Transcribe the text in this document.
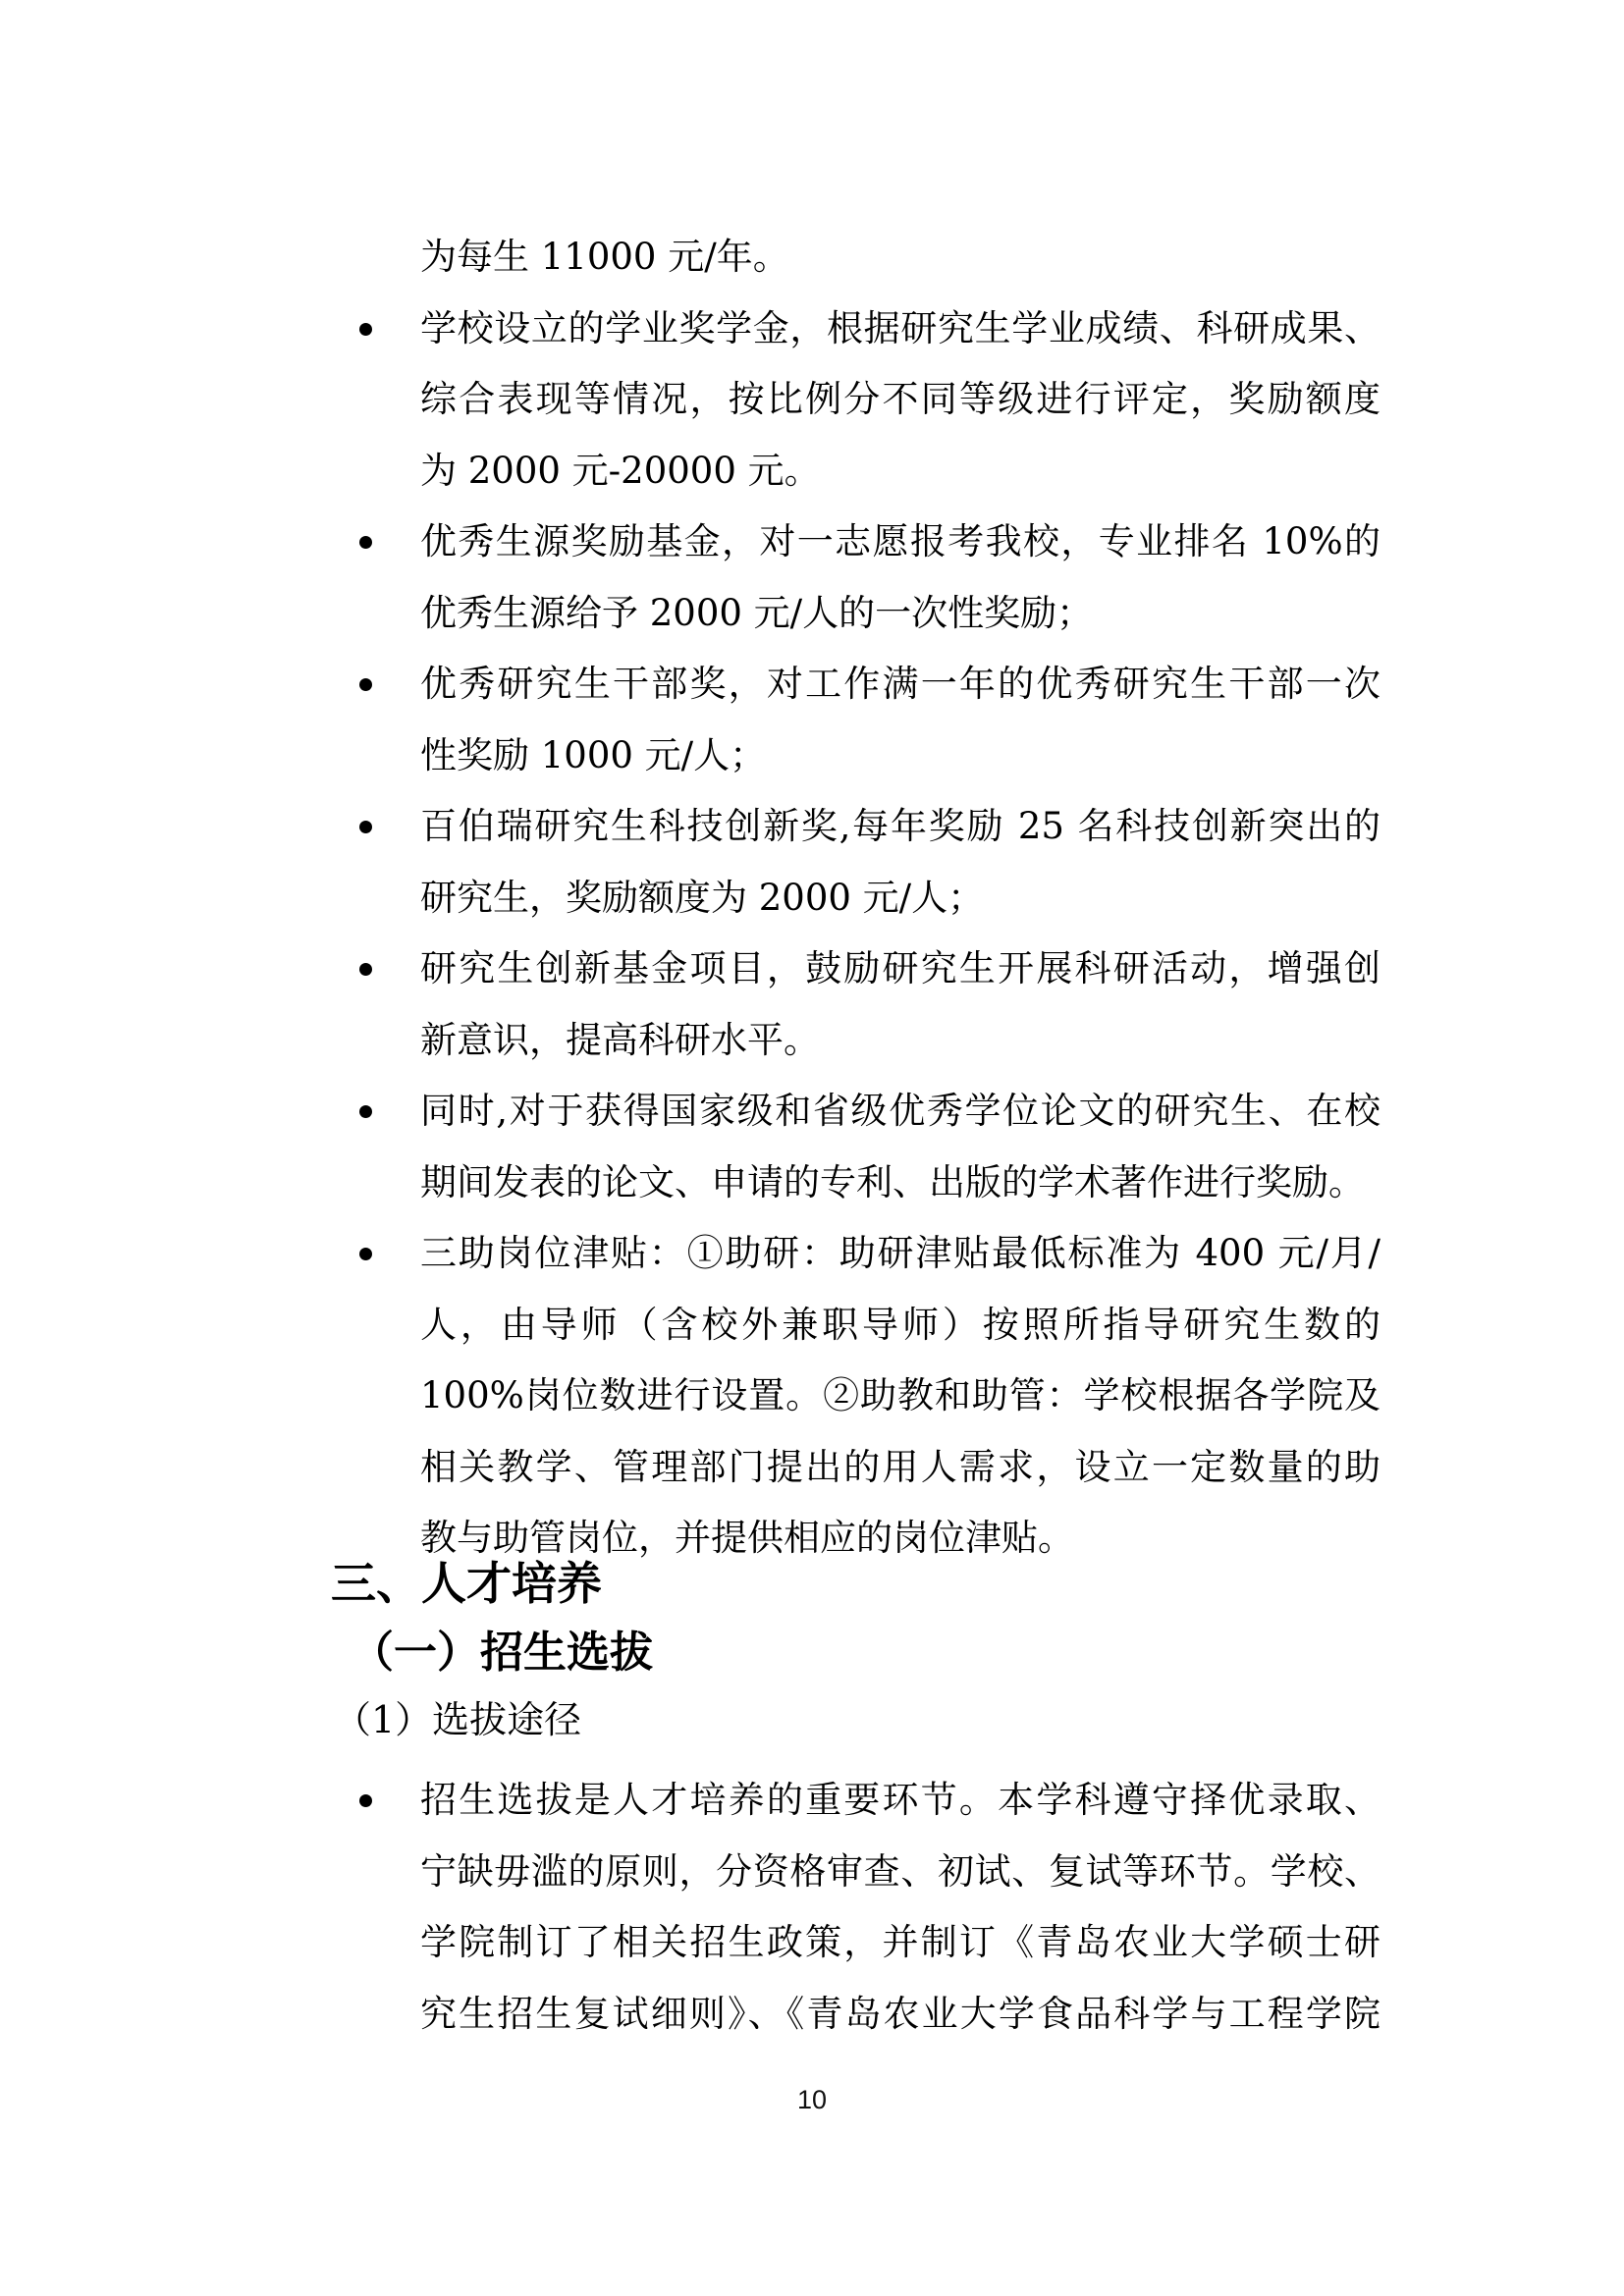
为每生 11000 元/年。
学校设立的学业奖学金，根据研究生学业成绩、科研成果、
综合表现等情况，按比例分不同等级进行评定，奖励额度
为 2000 元-20000 元。
优秀生源奖励基金，对一志愿报考我校，专业排名 10%的
优秀生源给予 2000 元/人的一次性奖励；
优秀研究生干部奖，对工作满一年的优秀研究生干部一次
性奖励 1000 元/人；
百伯瑞研究生科技创新奖,每年奖励 25 名科技创新突出的
研究生，奖励额度为 2000 元/人；
研究生创新基金项目，鼓励研究生开展科研活动，增强创
新意识，提高科研水平。
同时,对于获得国家级和省级优秀学位论文的研究生、在校
期间发表的论文、申请的专利、出版的学术著作进行奖励。
三助岗位津贴：①助研：助研津贴最低标准为 400 元/月/
人，由导师（含校外兼职导师）按照所指导研究生数的
100%岗位数进行设置。②助教和助管：学校根据各学院及
相关教学、管理部门提出的用人需求，设立一定数量的助
教与助管岗位，并提供相应的岗位津贴。
三、人才培养
（一）招生选拔
（1）选拔途径
招生选拔是人才培养的重要环节。本学科遵守择优录取、
宁缺毋滥的原则，分资格审查、初试、复试等环节。学校、
学院制订了相关招生政策，并制订《青岛农业大学硕士研
究生招生复试细则》、《青岛农业大学食品科学与工程学院
10
